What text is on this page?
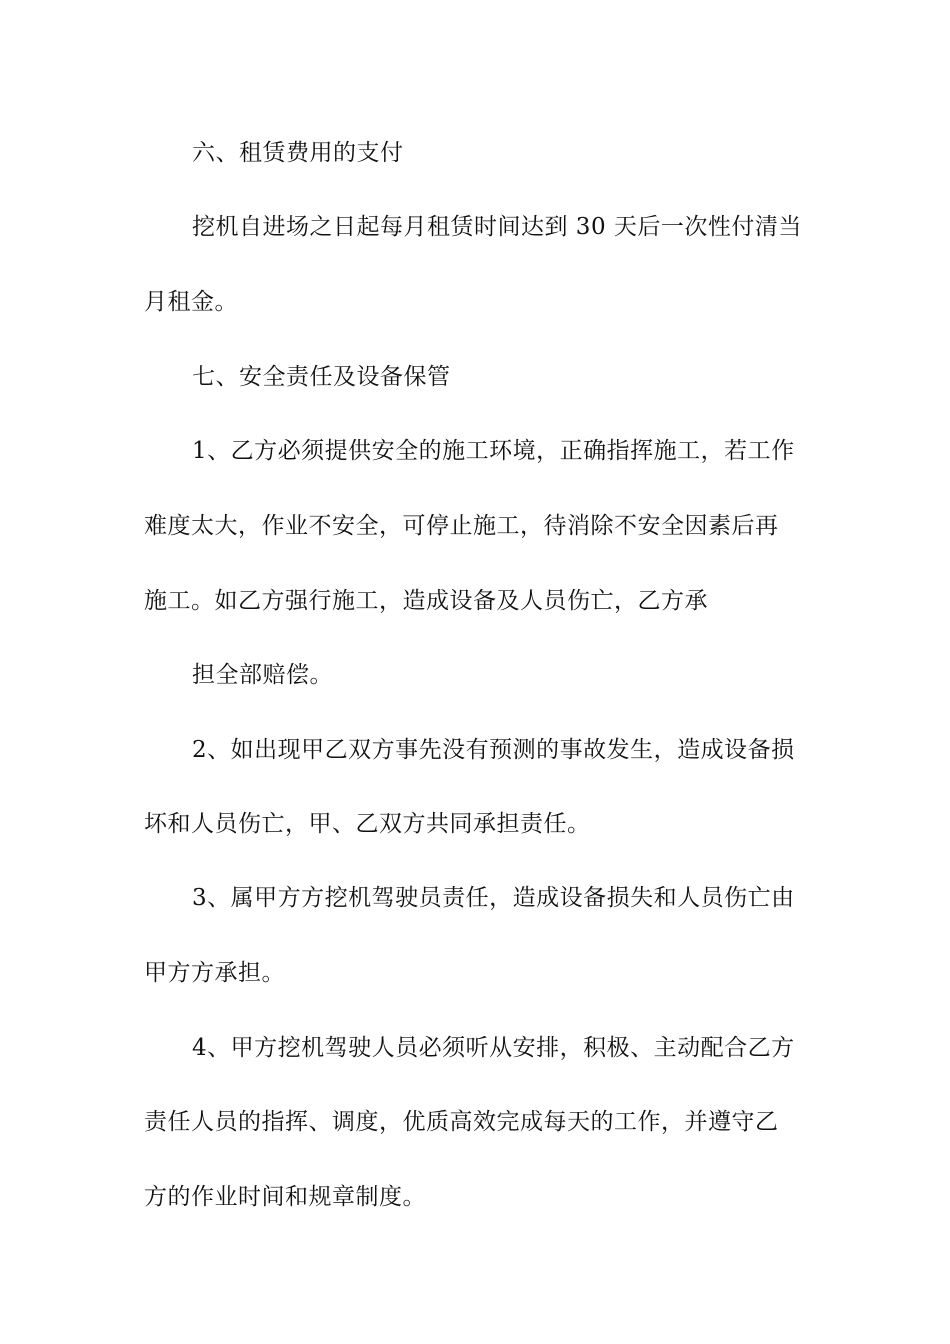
六、租赁费用的支付

挖机自进场之日起每月租赁时间达到 30 天后一次性付清当

月租金。

七、安全责任及设备保管

1、乙方必须提供安全的施工环境，正确指挥施工，若工作

难度太大，作业不安全，可停止施工，待消除不安全因素后再

施工。如乙方强行施工，造成设备及人员伤亡，乙方承

担全部赔偿。

2、如出现甲乙双方事先没有预测的事故发生，造成设备损

坏和人员伤亡，甲、乙双方共同承担责任。

3、属甲方方挖机驾驶员责任，造成设备损失和人员伤亡由

甲方方承担。

4、甲方挖机驾驶人员必须听从安排，积极、主动配合乙方

责任人员的指挥、调度，优质高效完成每天的工作，并遵守乙

方的作业时间和规章制度。
